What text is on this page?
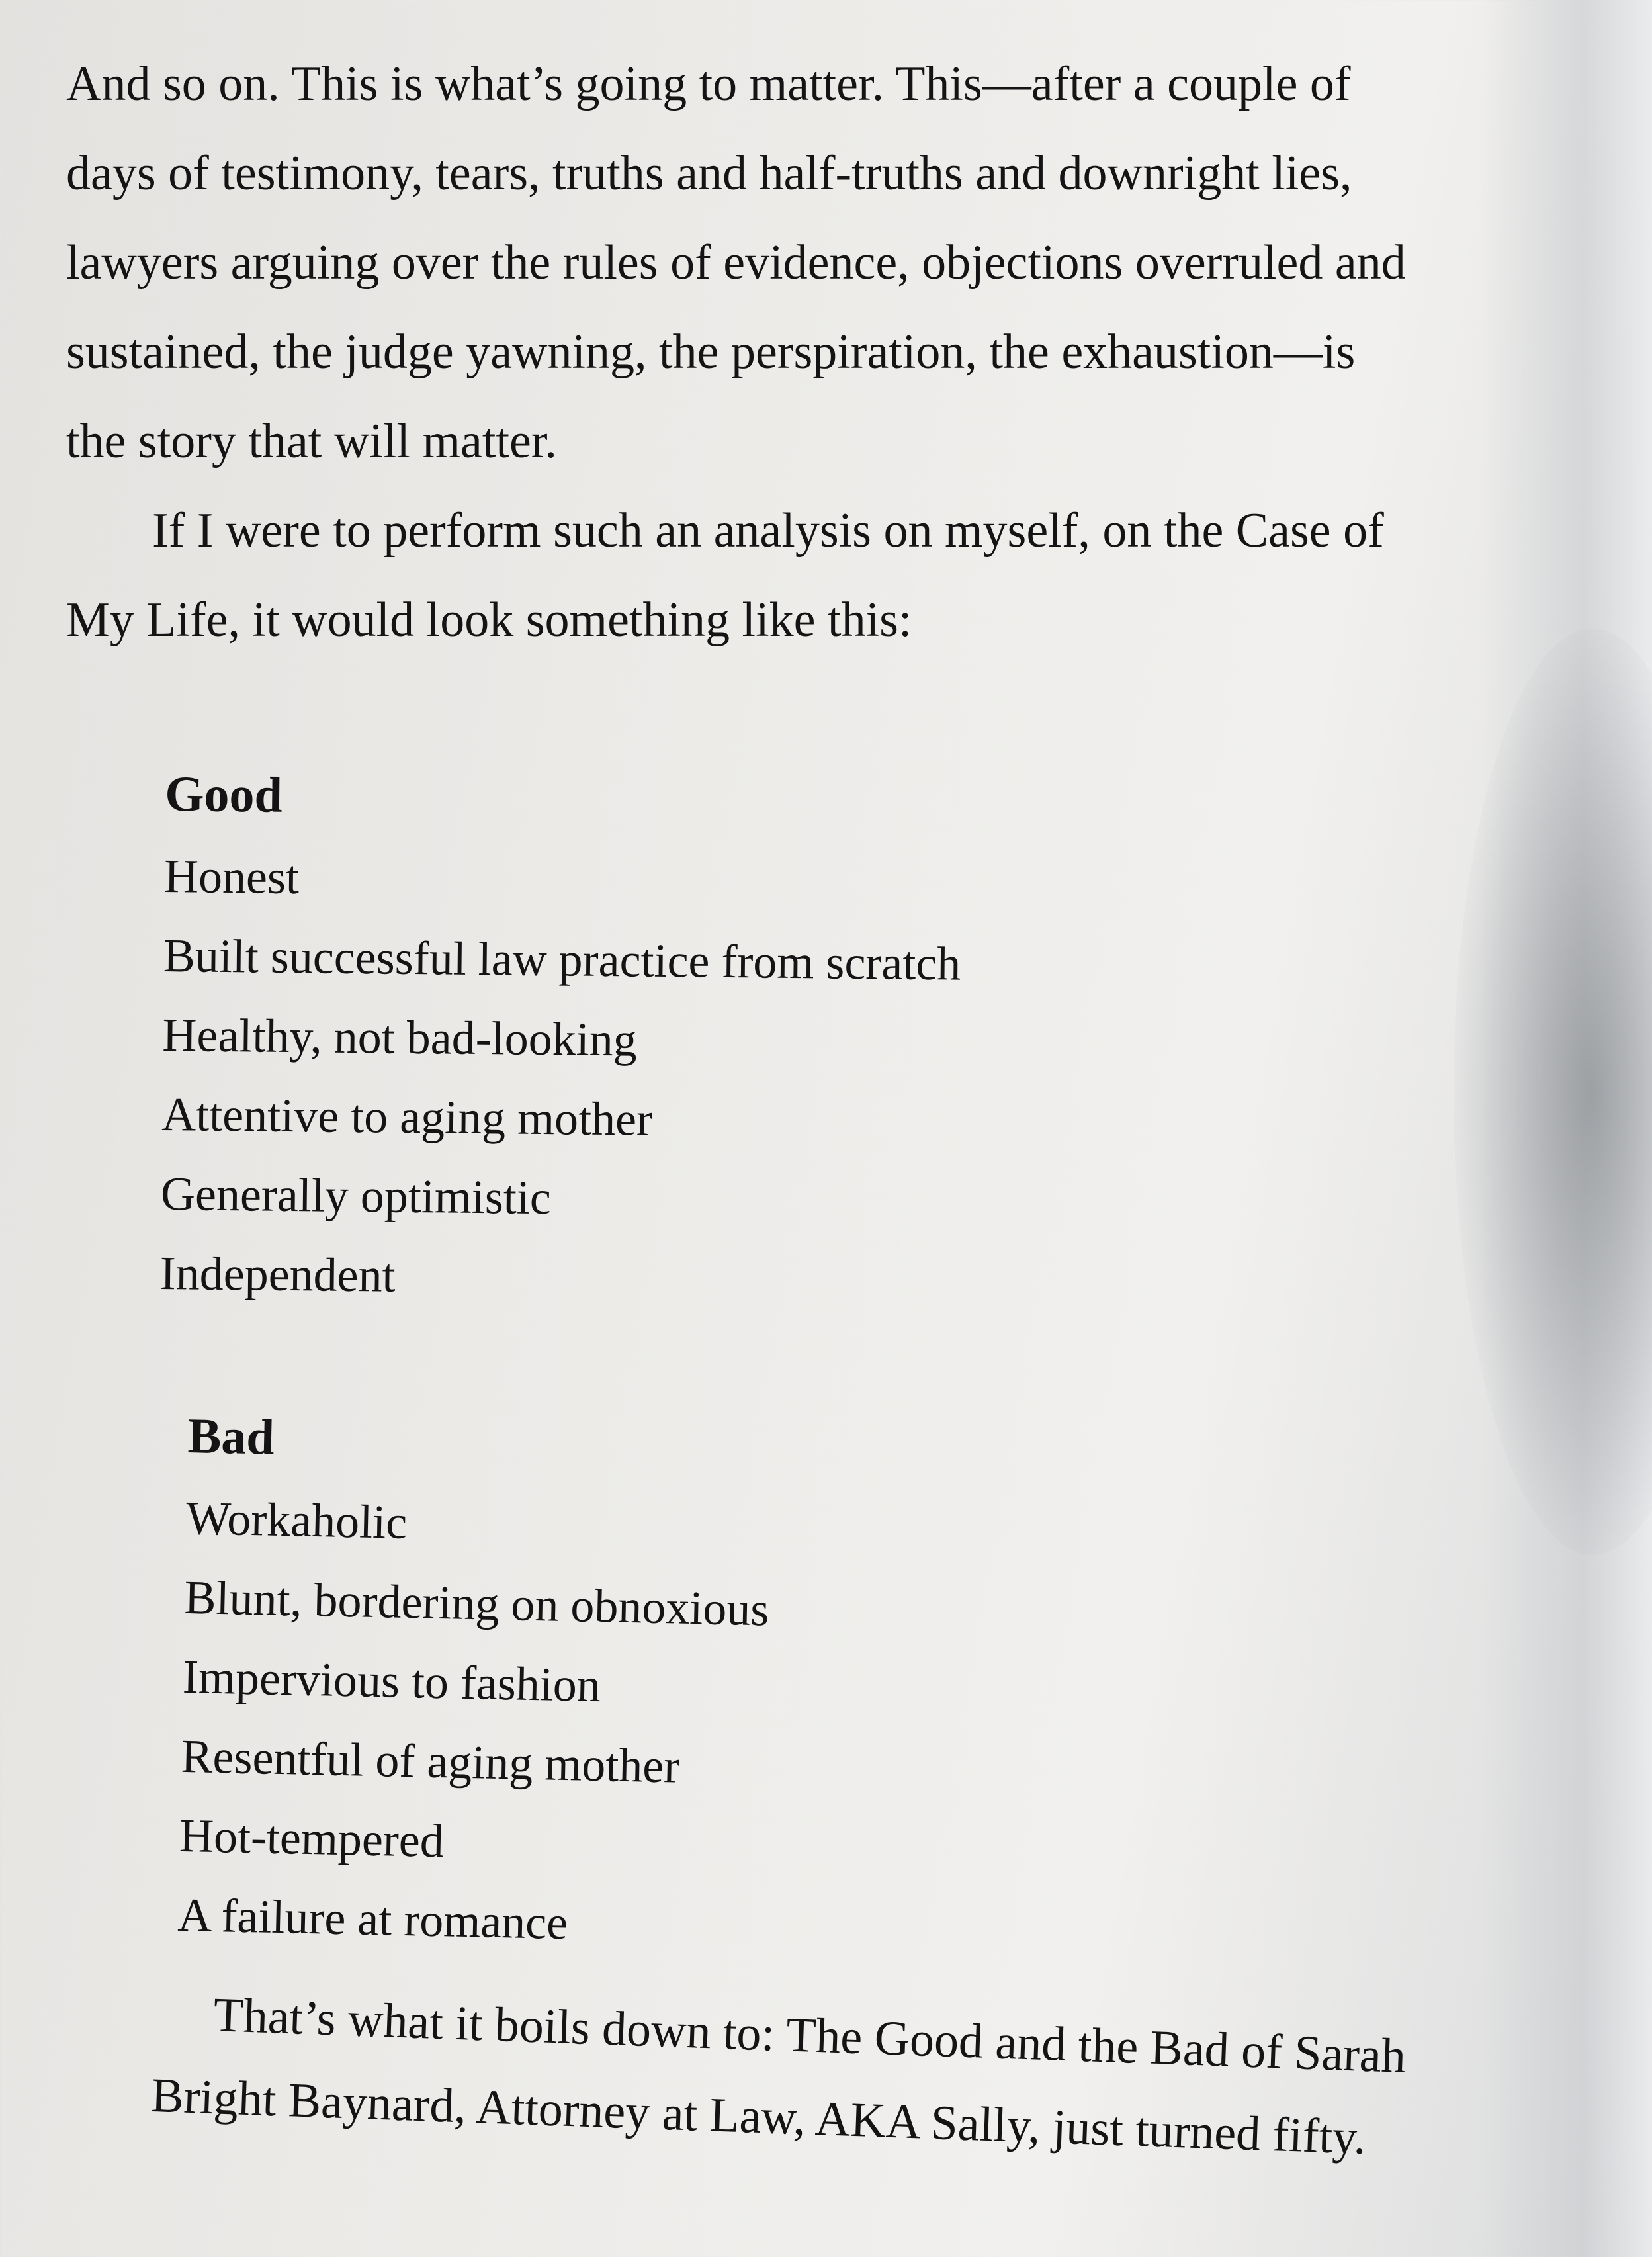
And so on. This is what’s going to matter. This—after a couple of
days of testimony, tears, truths and half-truths and downright lies,
lawyers arguing over the rules of evidence, objections overruled and
sustained, the judge yawning, the perspiration, the exhaustion—is
the story that will matter.

If I were to perform such an analysis on myself, on the Case of
My Life, it would look something like this:

Good
Honest
Built successful law practice from scratch
Healthy, not bad-looking
Attentive to aging mother
Generally optimistic
Independent
Bad
Workaholic
Blunt, bordering on obnoxious
Impervious to fashion
Resentful of aging mother
Hot-tempered
A failure at romance
That’s what it boils down to: The Good and the Bad of Sarah
Bright Baynard, Attorney at Law, AKA Sally, just turned fifty.
